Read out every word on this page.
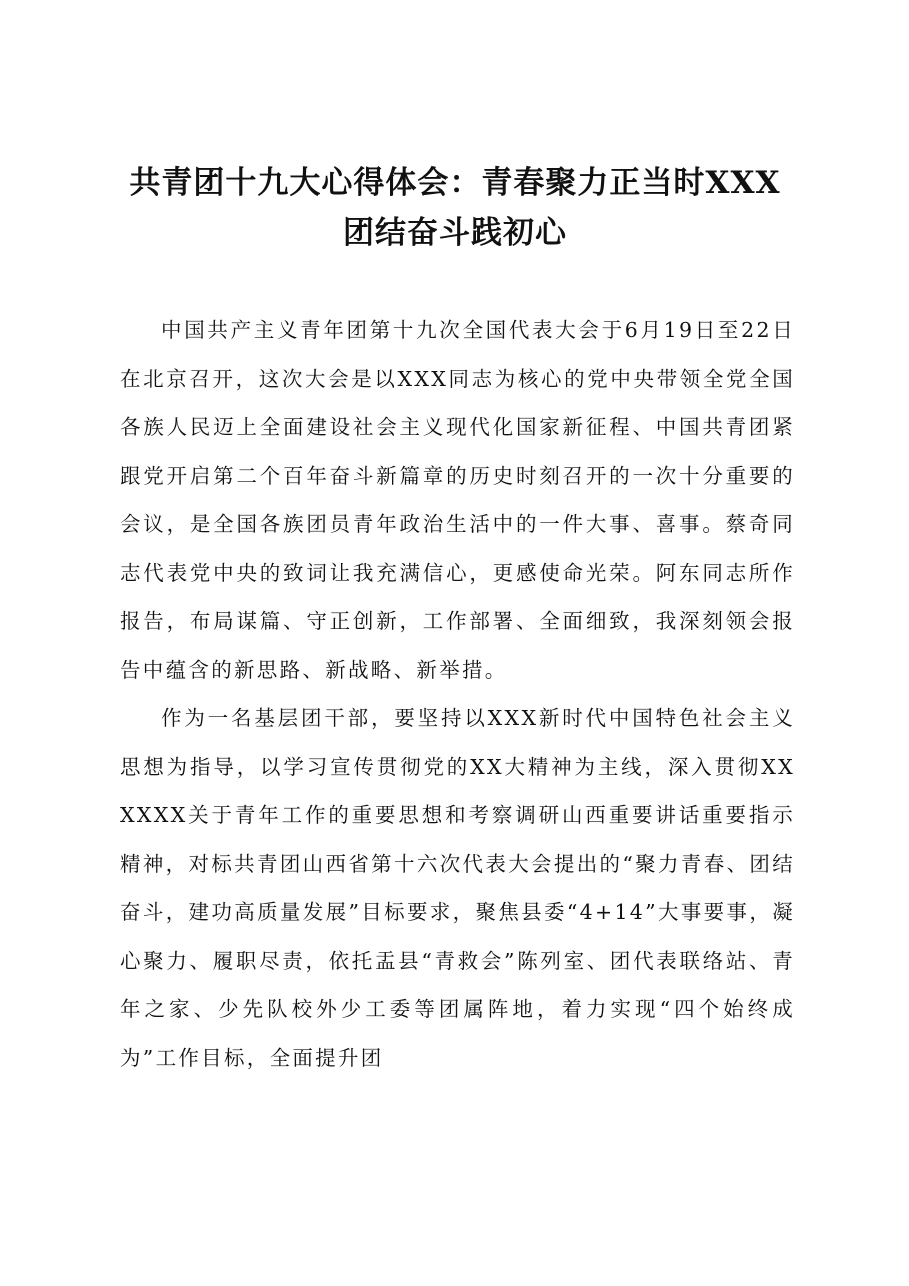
共青团十九大心得体会：青春聚力正当时XXX
团结奋斗践初心

中国共产主义青年团第十九次全国代表大会于6月19日至22日在北京召开，这次大会是以XXX同志为核心的党中央带领全党全国各族人民迈上全面建设社会主义现代化国家新征程、中国共青团紧跟党开启第二个百年奋斗新篇章的历史时刻召开的一次十分重要的会议，是全国各族团员青年政治生活中的一件大事、喜事。蔡奇同志代表党中央的致词让我充满信心，更感使命光荣。阿东同志所作报告，布局谋篇、守正创新，工作部署、全面细致，我深刻领会报告中蕴含的新思路、新战略、新举措。

作为一名基层团干部，要坚持以XXX新时代中国特色社会主义思想为指导，以学习宣传贯彻党的XX大精神为主线，深入贯彻XXXXXX关于青年工作的重要思想和考察调研山西重要讲话重要指示精神，对标共青团山西省第十六次代表大会提出的“聚力青春、团结奋斗，建功高质量发展”目标要求，聚焦县委“4+14”大事要事，凝心聚力、履职尽责，依托盂县“青救会”陈列室、团代表联络站、青年之家、少先队校外少工委等团属阵地，着力实现“四个始终成为”工作目标，全面提升团
